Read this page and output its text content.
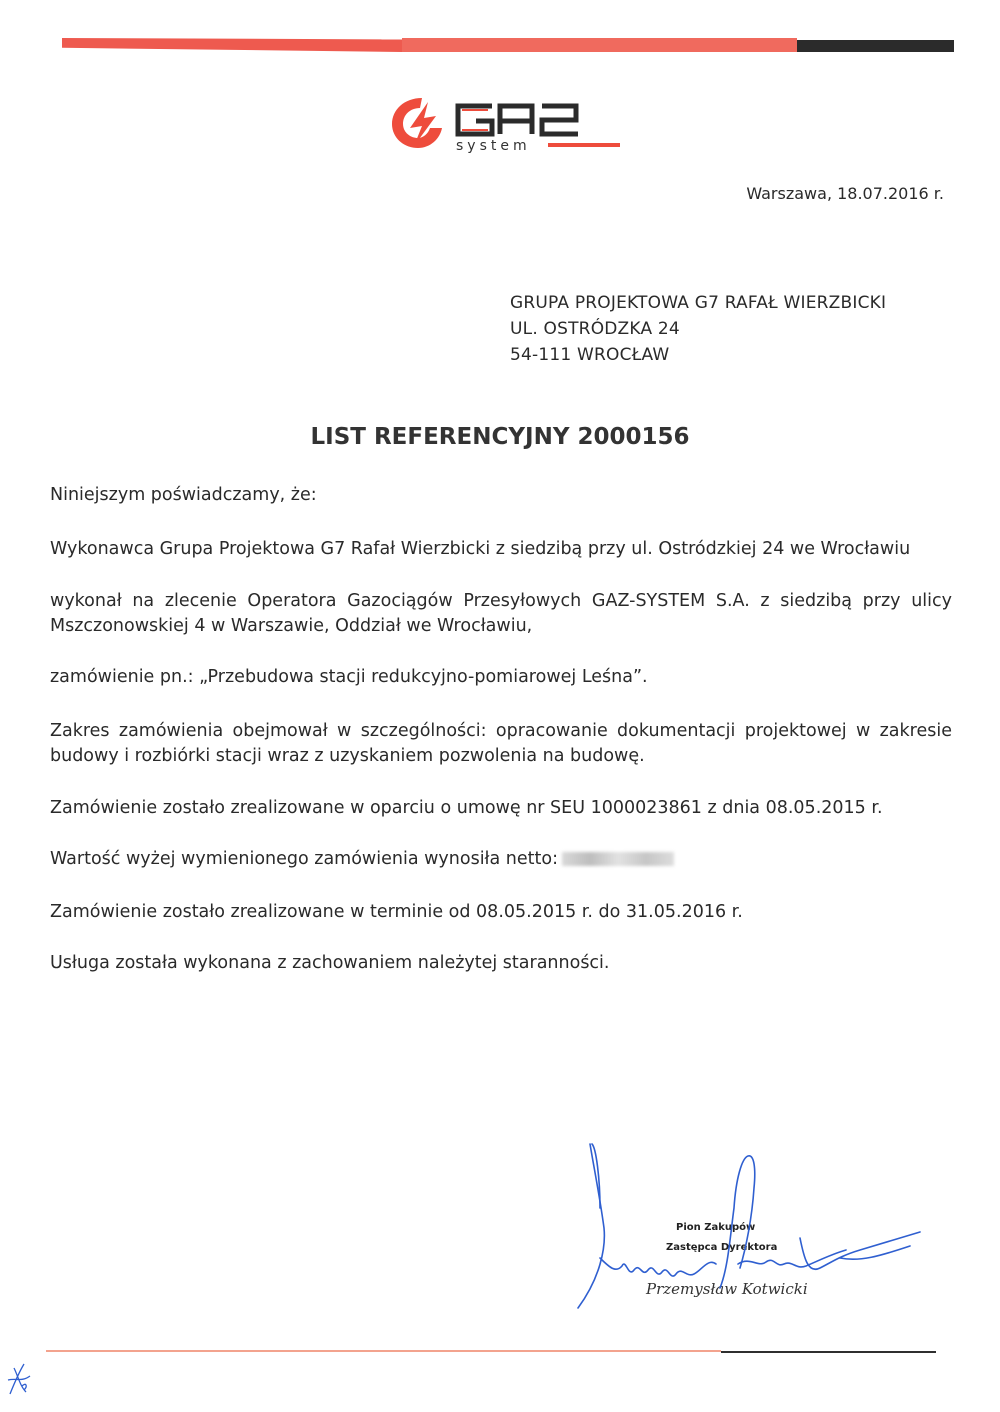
system
Warszawa, 18.07.2016 r.
GRUPA PROJEKTOWA G7 RAFAŁ WIERZBICKI
UL. OSTRÓDZKA 24
54-111 WROCŁAW
LIST REFERENCYJNY 2000156
Niniejszym poświadczamy, że:
Wykonawca Grupa Projektowa G7 Rafał Wierzbicki z siedzibą przy ul. Ostródzkiej 24 we Wrocławiu
wykonał na zlecenie Operatora Gazociągów Przesyłowych GAZ-SYSTEM S.A. z siedzibą przy ulicy Mszczonowskiej 4 w Warszawie, Oddział we Wrocławiu,
zamówienie pn.: „Przebudowa stacji redukcyjno-pomiarowej Leśna”.
Zakres zamówienia obejmował w szczególności: opracowanie dokumentacji projektowej w zakresie budowy i rozbiórki stacji wraz z uzyskaniem pozwolenia na budowę.
Zamówienie zostało zrealizowane w oparciu o umowę nr SEU 1000023861 z dnia 08.05.2015 r.
Wartość wyżej wymienionego zamówienia wynosiła netto:
Zamówienie zostało zrealizowane w terminie od 08.05.2015 r. do 31.05.2016 r.
Usługa została wykonana z zachowaniem należytej staranności.
Pion Zakupów
Zastępca Dyrektora
Przemysław Kotwicki
